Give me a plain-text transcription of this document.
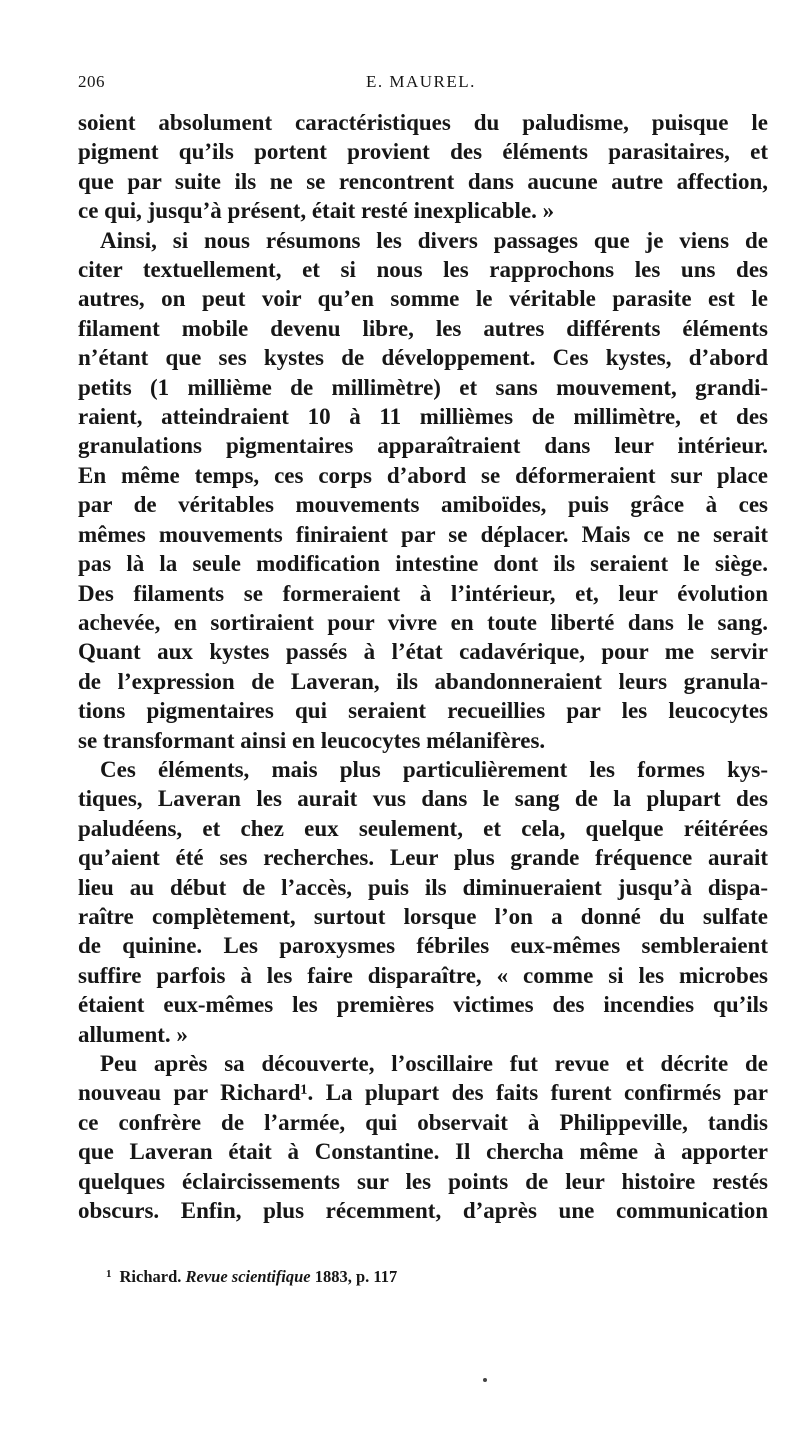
206	E. MAUREL.
soient absolument caractéristiques du paludisme, puisque le
pigment qu’ils portent provient des éléments parasitaires, et
que par suite ils ne se rencontrent dans aucune autre affection,
ce qui, jusqu’à présent, était resté inexplicable. »
Ainsi, si nous résumons les divers passages que je viens de
citer textuellement, et si nous les rapprochons les uns des
autres, on peut voir qu’en somme le véritable parasite est le
filament mobile devenu libre, les autres différents éléments
n’étant que ses kystes de développement. Ces kystes, d’abord
petits (1 millième de millimètre) et sans mouvement, grandi-
raient, atteindraient 10 à 11 millièmes de millimètre, et des
granulations pigmentaires apparaîtraient dans leur intérieur.
En même temps, ces corps d’abord se déformeraient sur place
par de véritables mouvements amiboïdes, puis grâce à ces
mêmes mouvements finiraient par se déplacer. Mais ce ne serait
pas là la seule modification intestine dont ils seraient le siège.
Des filaments se formeraient à l’intérieur, et, leur évolution
achevée, en sortiraient pour vivre en toute liberté dans le sang.
Quant aux kystes passés à l’état cadavérique, pour me servir
de l’expression de Laveran, ils abandonneraient leurs granula-
tions pigmentaires qui seraient recueillies par les leucocytes
se transformant ainsi en leucocytes mélanifères.
Ces éléments, mais plus particulièrement les formes kys-
tiques, Laveran les aurait vus dans le sang de la plupart des
paludéens, et chez eux seulement, et cela, quelque réitérées
qu’aient été ses recherches. Leur plus grande fréquence aurait
lieu au début de l’accès, puis ils diminueraient jusqu’à dispa-
raître complètement, surtout lorsque l’on a donné du sulfate
de quinine. Les paroxysmes fébriles eux-mêmes sembleraient
suffire parfois à les faire disparaître, « comme si les microbes
étaient eux-mêmes les premières victimes des incendies qu’ils
allument. »
Peu après sa découverte, l’oscillaire fut revue et décrite de
nouveau par Richard¹. La plupart des faits furent confirmés par
ce confrère de l’armée, qui observait à Philippeville, tandis
que Laveran était à Constantine. Il chercha même à apporter
quelques éclaircissements sur les points de leur histoire restés
obscurs. Enfin, plus récemment, d’après une communication
$^1$ Richard. Revue scientifique 1883, p. 117
